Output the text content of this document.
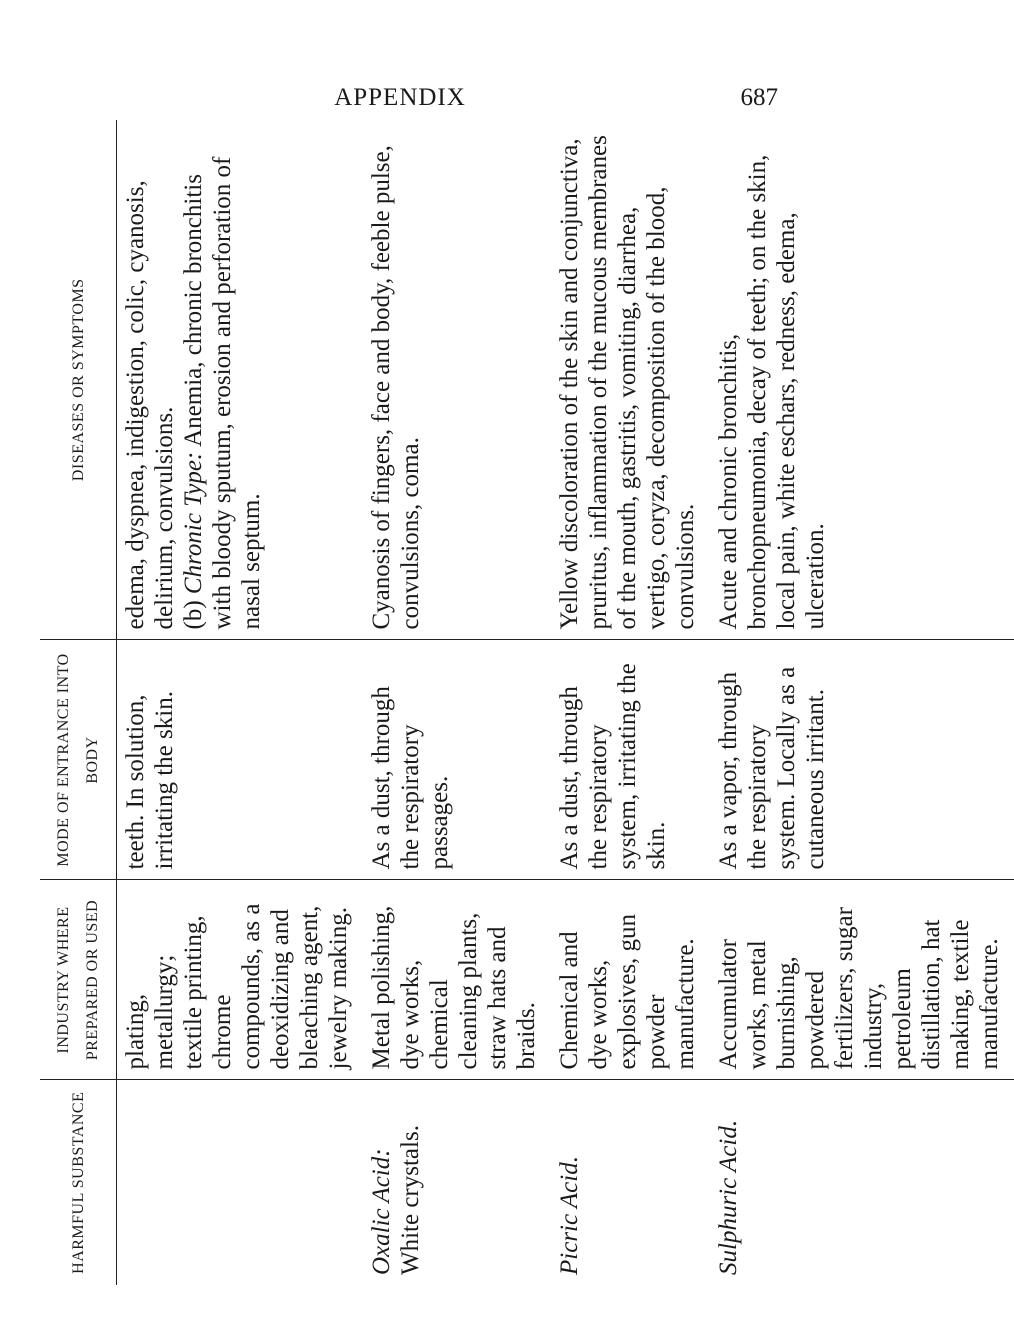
APPENDIX	687
HARMFUL SUBSTANCE	INDUSTRY WHERE PREPARED OR USED	MODE OF ENTRANCE INTO BODY	DISEASES OR SYMPTOMS
	plating, metallurgy; textile printing, chrome compounds, as a deoxidizing and bleaching agent, jewelry making.	teeth. In solution, irritating the skin.	edema, dyspnea, indigestion, colic, cyanosis, delirium, convulsions.
(b) Chronic Type: Anemia, chronic bronchitis with bloody sputum, erosion and perforation of nasal septum.
Oxalic Acid: White crystals.	Metal polishing, dye works, chemical cleaning plants, straw hats and braids.	As a dust, through the respiratory passages.	Cyanosis of fingers, face and body, feeble pulse, convulsions, coma.
Picric Acid.	Chemical and dye works, explosives, gun powder manufacture.	As a dust, through the respiratory system, irritating the skin.	Yellow discoloration of the skin and conjunctiva, pruritus, inflammation of the mucous membranes of the mouth, gastritis, vomiting, diarrhea, vertigo, coryza, decomposition of the blood, convulsions.
Sulphuric Acid.	Accumulator works, metal burnishing, powdered fertilizers, sugar industry, petroleum distillation, hat making, textile manufacture.	As a vapor, through the respiratory system. Locally as a cutaneous irritant.	Acute and chronic bronchitis, bronchopneumonia, decay of teeth; on the skin, local pain, white eschars, redness, edema, ulceration.
